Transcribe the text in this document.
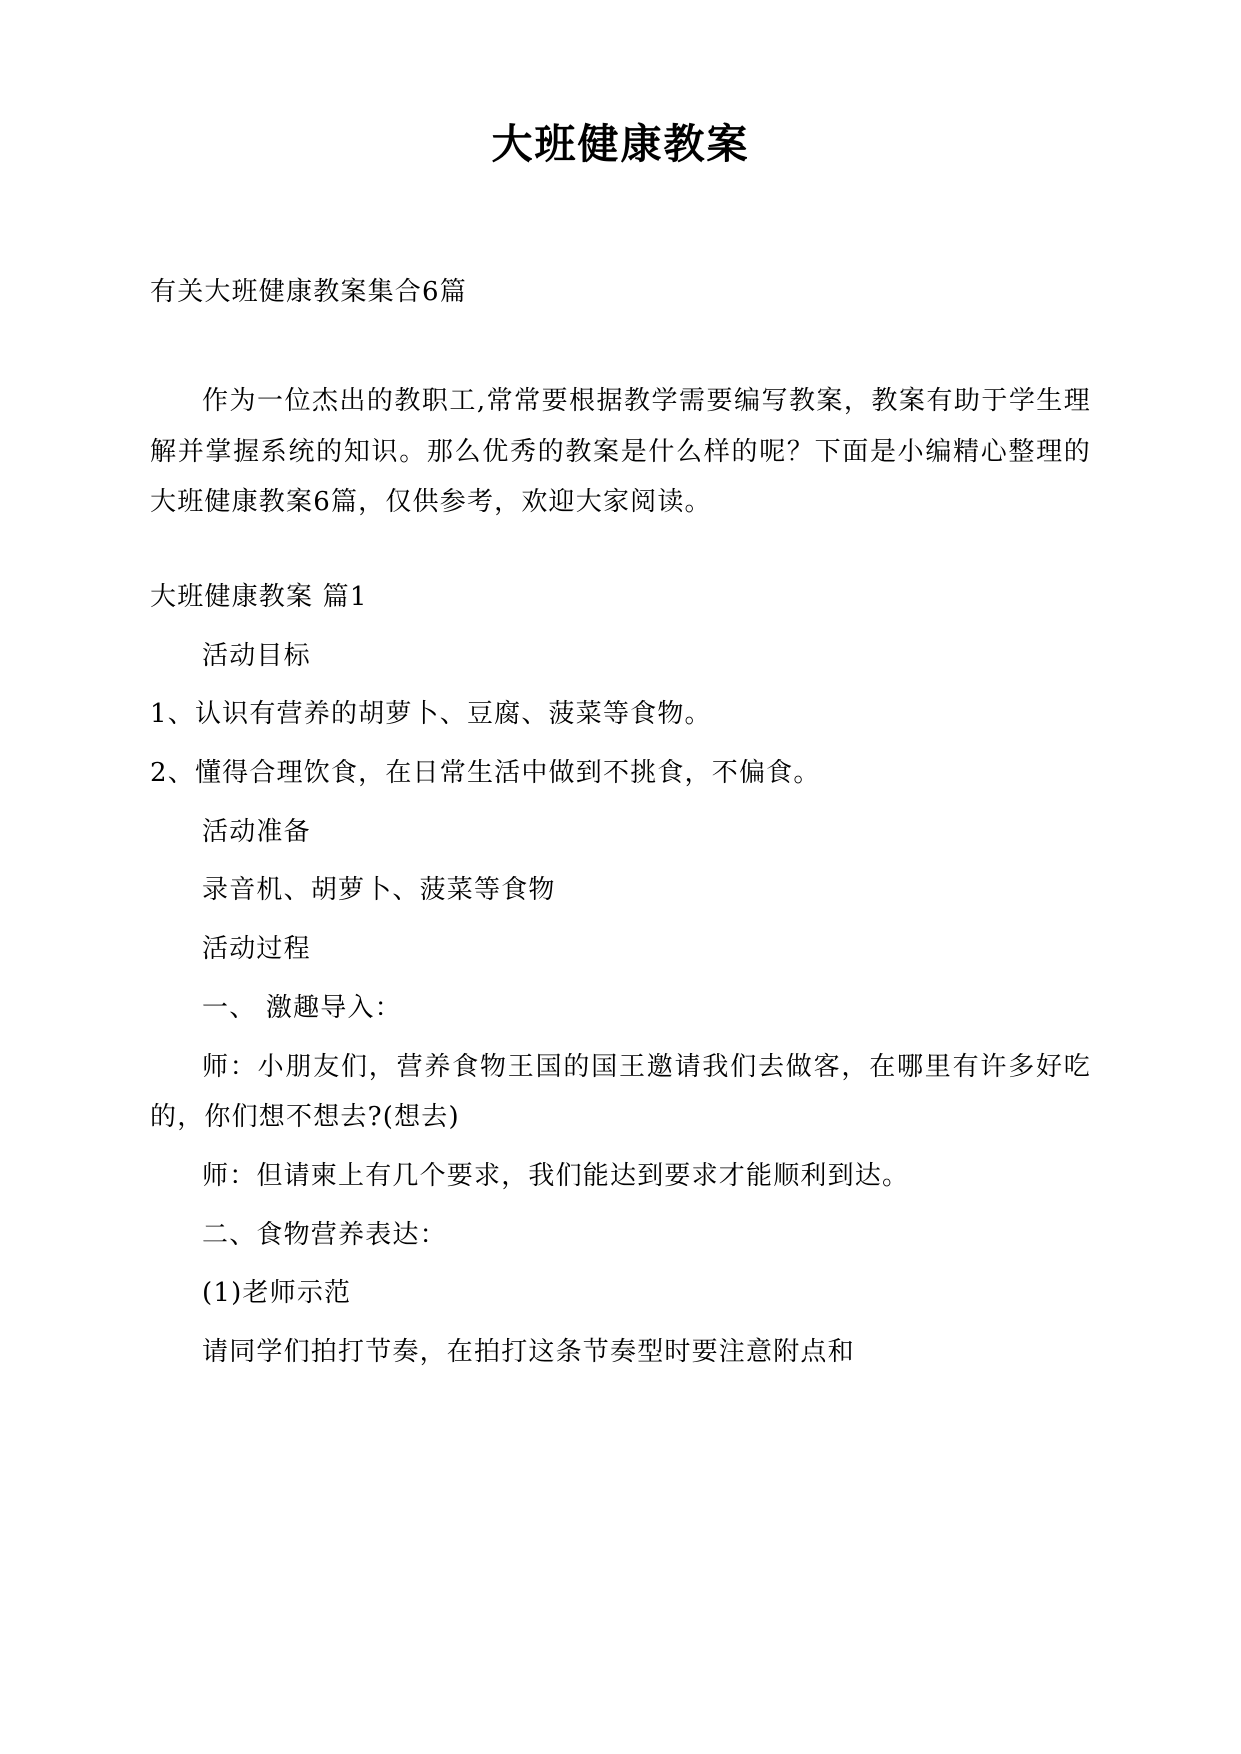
大班健康教案

有关大班健康教案集合6篇

作为一位杰出的教职工,常常要根据教学需要编写教案，教案有助于学生理解并掌握系统的知识。那么优秀的教案是什么样的呢？下面是小编精心整理的大班健康教案6篇，仅供参考，欢迎大家阅读。

大班健康教案 篇1

活动目标

1、认识有营养的胡萝卜、豆腐、菠菜等食物。

2、懂得合理饮食，在日常生活中做到不挑食，不偏食。

活动准备

录音机、胡萝卜、菠菜等食物

活动过程

一、 激趣导入：

师：小朋友们，营养食物王国的国王邀请我们去做客，在哪里有许多好吃的，你们想不想去?(想去)

师：但请柬上有几个要求，我们能达到要求才能顺利到达。

二、食物营养表达：

(1)老师示范

请同学们拍打节奏，在拍打这条节奏型时要注意附点和
